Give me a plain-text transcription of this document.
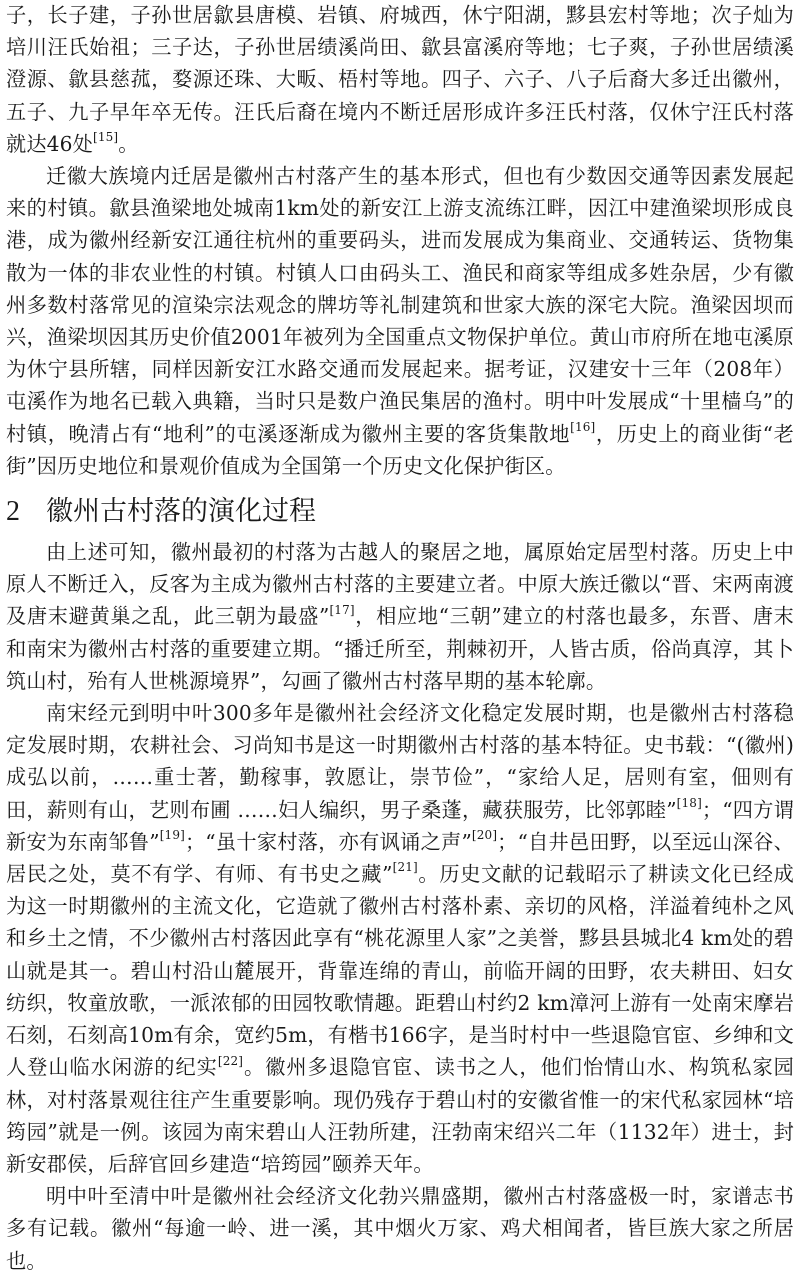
子，长子建，子孙世居歙县唐模、岩镇、府城西，休宁阳湖，黟县宏村等地；次子灿为培川汪氏始祖；三子达，子孙世居绩溪尚田、歙县富溪府等地；七子爽，子孙世居绩溪澄源、歙县慈菰，婺源还珠、大畈、梧村等地。四子、六子、八子后裔大多迁出徽州，五子、九子早年卒无传。汪氏后裔在境内不断迁居形成许多汪氏村落，仅休宁汪氏村落就达46处[15]。

迁徽大族境内迁居是徽州古村落产生的基本形式，但也有少数因交通等因素发展起来的村镇。歙县渔梁地处城南1km处的新安江上游支流练江畔，因江中建渔梁坝形成良港，成为徽州经新安江通往杭州的重要码头，进而发展成为集商业、交通转运、货物集散为一体的非农业性的村镇。村镇人口由码头工、渔民和商家等组成多姓杂居，少有徽州多数村落常见的渲染宗法观念的牌坊等礼制建筑和世家大族的深宅大院。渔梁因坝而兴，渔梁坝因其历史价值2001年被列为全国重点文物保护单位。黄山市府所在地屯溪原为休宁县所辖，同样因新安江水路交通而发展起来。据考证，汉建安十三年（208年）屯溪作为地名已载入典籍，当时只是数户渔民集居的渔村。明中叶发展成“十里樯乌”的村镇，晚清占有“地利”的屯溪逐渐成为徽州主要的客货集散地[16]，历史上的商业街“老街”因历史地位和景观价值成为全国第一个历史文化保护街区。

2 徽州古村落的演化过程

由上述可知，徽州最初的村落为古越人的聚居之地，属原始定居型村落。历史上中原人不断迁入，反客为主成为徽州古村落的主要建立者。中原大族迁徽以“晋、宋两南渡及唐末避黄巢之乱，此三朝为最盛”[17]，相应地“三朝”建立的村落也最多，东晋、唐末和南宋为徽州古村落的重要建立期。“播迁所至，荆棘初开，人皆古质，俗尚真淳，其卜筑山村，殆有人世桃源境界”，勾画了徽州古村落早期的基本轮廓。

南宋经元到明中叶300多年是徽州社会经济文化稳定发展时期，也是徽州古村落稳定发展时期，农耕社会、习尚知书是这一时期徽州古村落的基本特征。史书载：“(徽州) 成弘以前，……重士著，勤稼事，敦愿让，崇节俭”，“家给人足，居则有室，佃则有田，薪则有山，艺则布圃 ……妇人编织，男子桑蓬，藏获服劳，比邻郭睦”[18]；“四方谓新安为东南邹鲁”[19]；“虽十家村落，亦有讽诵之声”[20]；“自井邑田野，以至远山深谷、居民之处，莫不有学、有师、有书史之藏”[21]。历史文献的记载昭示了耕读文化已经成为这一时期徽州的主流文化，它造就了徽州古村落朴素、亲切的风格，洋溢着纯朴之风和乡土之情，不少徽州古村落因此享有“桃花源里人家”之美誉，黟县县城北4 km处的碧山就是其一。碧山村沿山麓展开，背靠连绵的青山，前临开阔的田野，农夫耕田、妇女纺织，牧童放歌，一派浓郁的田园牧歌情趣。距碧山村约2 km漳河上游有一处南宋摩岩石刻，石刻高10m有余，宽约5m，有楷书166字，是当时村中一些退隐官宦、乡绅和文人登山临水闲游的纪实[22]。徽州多退隐官宦、读书之人，他们怡情山水、构筑私家园林，对村落景观往往产生重要影响。现仍残存于碧山村的安徽省惟一的宋代私家园林“培筠园”就是一例。该园为南宋碧山人汪勃所建，汪勃南宋绍兴二年（1132年）进士，封新安郡侯，后辞官回乡建造“培筠园”颐养天年。

明中叶至清中叶是徽州社会经济文化勃兴鼎盛期，徽州古村落盛极一时，家谱志书多有记载。徽州“每逾一岭、进一溪，其中烟火万家、鸡犬相闻者，皆巨族大家之所居也。
